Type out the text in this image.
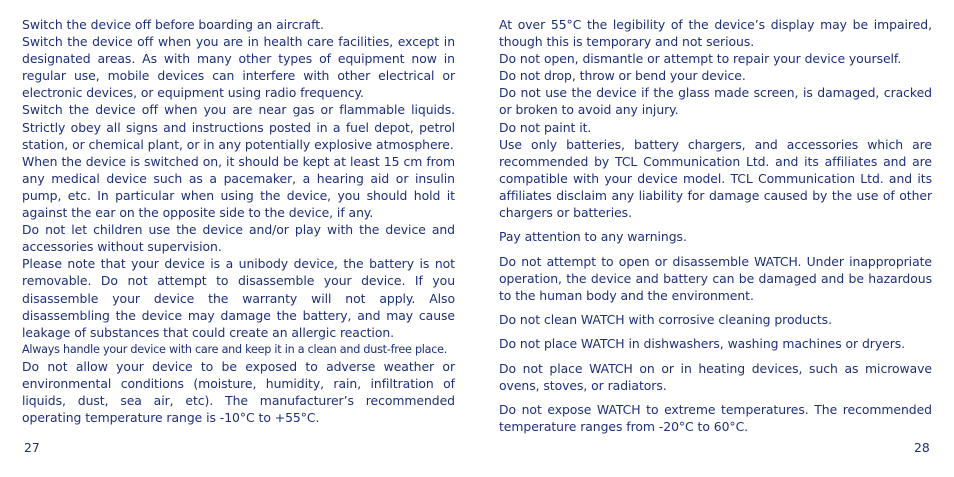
Switch the device off before boarding an aircraft.

Switch the device off when you are in health care facilities, except in designated areas. As with many other types of equipment now in regular use, mobile devices can interfere with other electrical or electronic devices, or equipment using radio frequency.

Switch the device off when you are near gas or flammable liquids. Strictly obey all signs and instructions posted in a fuel depot, petrol station, or chemical plant, or in any potentially explosive atmosphere.

When the device is switched on, it should be kept at least 15 cm from any medical device such as a pacemaker, a hearing aid or insulin pump, etc. In particular when using the device, you should hold it against the ear on the opposite side to the device, if any.

Do not let children use the device and/or play with the device and accessories without supervision.

Please note that your device is a unibody device, the battery is not removable. Do not attempt to disassemble your device. If you disassemble your device the warranty will not apply. Also disassembling the device may damage the battery, and may cause leakage of substances that could create an allergic reaction.

Always handle your device with care and keep it in a clean and dust-free place.

Do not allow your device to be exposed to adverse weather or environmental conditions (moisture, humidity, rain, infiltration of liquids, dust, sea air, etc). The manufacturer’s recommended operating temperature range is -10°C to +55°C.

27

At over 55°C the legibility of the device’s display may be impaired, though this is temporary and not serious.

Do not open, dismantle or attempt to repair your device yourself.

Do not drop, throw or bend your device.

Do not use the device if the glass made screen, is damaged, cracked or broken to avoid any injury.

Do not paint it.

Use only batteries, battery chargers, and accessories which are recommended by TCL Communication Ltd. and its affiliates and are compatible with your device model. TCL Communication Ltd. and its affiliates disclaim any liability for damage caused by the use of other chargers or batteries.

Pay attention to any warnings.

Do not attempt to open or disassemble WATCH. Under inappropriate operation, the device and battery can be damaged and be hazardous to the human body and the environment.

Do not clean WATCH with corrosive cleaning products.

Do not place WATCH in dishwashers, washing machines or dryers.

Do not place WATCH on or in heating devices, such as microwave ovens, stoves, or radiators.

Do not expose WATCH to extreme temperatures. The recommended temperature ranges from -20°C to 60°C.

28
